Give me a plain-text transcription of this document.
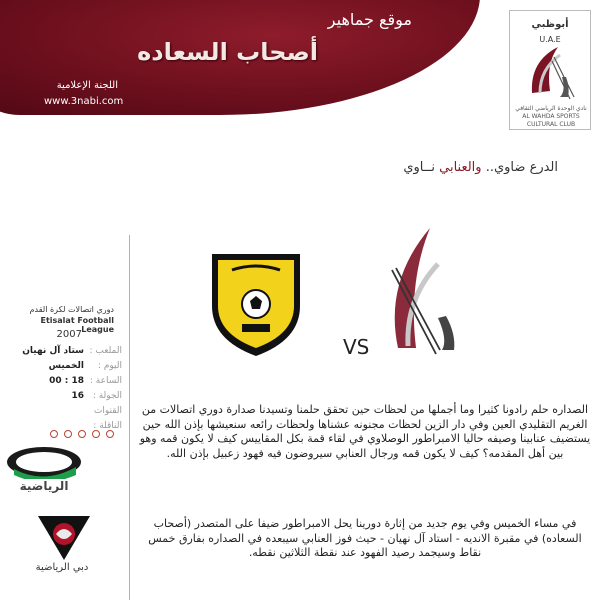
موقع جماهير
أصحاب السعاده
اللجنة الإعلامية
www.3nabi.com
أبوظبي
U.A.E
نادي الوحدة الرياضي الثقافي
AL WAHDA SPORTS CULTURAL CLUB
الدرع ضاوي.. والعنابي نــاوي
دوري اتصالات لكرة القدم
Etisalat Football League
2007
الملعب :
ستاد آل نهيان
اليوم :
الخميس
الساعة :
18 : 00
الجولة :
16
القنوات
الناقلة :
الرياضية
دبي الرياضية
VS
الصداره حلم رادونا كثيرا وما أجملها من لحظات حين تحقق حلمنا وتسيدنا صدارة دوري اتصالات من الغريم التقليدي العين وفي دار الزين لحظات مجنونه عشناها ولحظات رائعه سنعيشها بإذن الله حين يستضيف عنابينا وصيفه حاليا الامبراطور الوصلاوي في لقاء قمة بكل المقاييس كيف لا يكون قمه وهو بين أهل المقدمه؟ كيف لا يكون قمه ورجال العنابي سيروضون فيه فهود زعبيل بإذن الله.
في مساء الخميس وفي يوم جديد من إثارة دورينا يحل الامبراطور ضيفا على المتصدر (أصحاب السعاده) في مقبرة الانديه - استاد آل نهيان - حيث فوز العنابي سيبعده في الصداره بفارق خمس نقاط وسيجمد رصيد الفهود عند نقطة الثلاثين نقطه.
